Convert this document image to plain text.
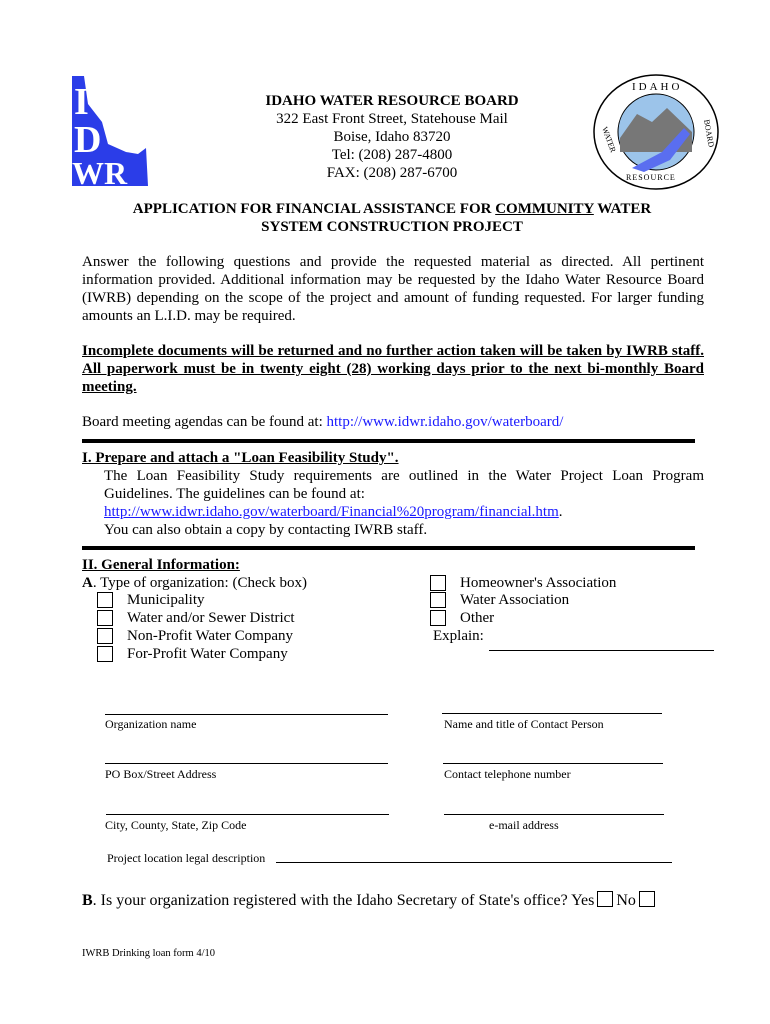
I
D
WR
IDAHO
WATER
RESOURCE
BOARD
IDAHO WATER RESOURCE BOARD
322 East Front Street, Statehouse Mail
Boise, Idaho 83720
Tel: (208) 287-4800
FAX: (208) 287-6700
APPLICATION FOR FINANCIAL ASSISTANCE FOR COMMUNITY WATER
SYSTEM CONSTRUCTION PROJECT
Answer the following questions and provide the requested material as directed. All pertinent information provided. Additional information may be requested by the Idaho Water Resource Board (IWRB) depending on the scope of the project and amount of funding requested. For larger funding amounts an L.I.D. may be required.
Incomplete documents will be returned and no further action taken will be taken by IWRB staff. All paperwork must be in twenty eight (28) working days prior to the next bi-monthly Board meeting.
Board meeting agendas can be found at: http://www.idwr.idaho.gov/waterboard/
I. Prepare and attach a "Loan Feasibility Study".
The Loan Feasibility Study requirements are outlined in the Water Project Loan Program Guidelines. The guidelines can be found at:
http://www.idwr.idaho.gov/waterboard/Financial%20program/financial.htm.
You can also obtain a copy by contacting IWRB staff.
II. General Information:
A. Type of organization: (Check box)
Municipality
Water and/or Sewer District
Non-Profit Water Company
For-Profit Water Company
Homeowner's Association
Water Association
Other
Explain:
Organization name	Name and title of Contact Person
PO Box/Street Address	Contact telephone number
City, County, State, Zip Code	e-mail address
Project location legal description
B. Is your organization registered with the Idaho Secretary of State's office? Yes No
IWRB Drinking loan form 4/10
